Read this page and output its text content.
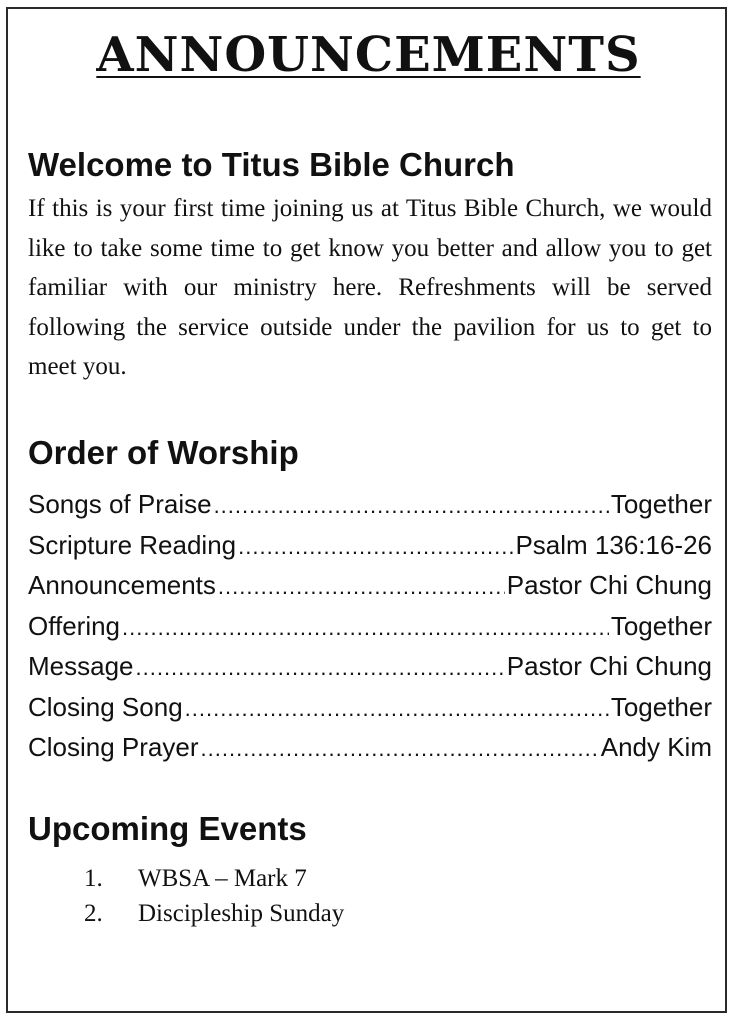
ANNOUNCEMENTS
Welcome to Titus Bible Church

If this is your first time joining us at Titus Bible Church, we would like to take some time to get know you better and allow you to get familiar with our ministry here. Refreshments will be served following the service outside under the pavilion for us to get to meet you.

Order of Worship
Songs of Praise .....	Together
Scripture Reading .....	Psalm 136:16-26
Announcements .....	Pastor Chi Chung
Offering .....	Together
Message .....	Pastor Chi Chung
Closing Song .....	Together
Closing Prayer .....	Andy Kim
Upcoming Events
1.	WBSA – Mark 7
2.	Discipleship Sunday
